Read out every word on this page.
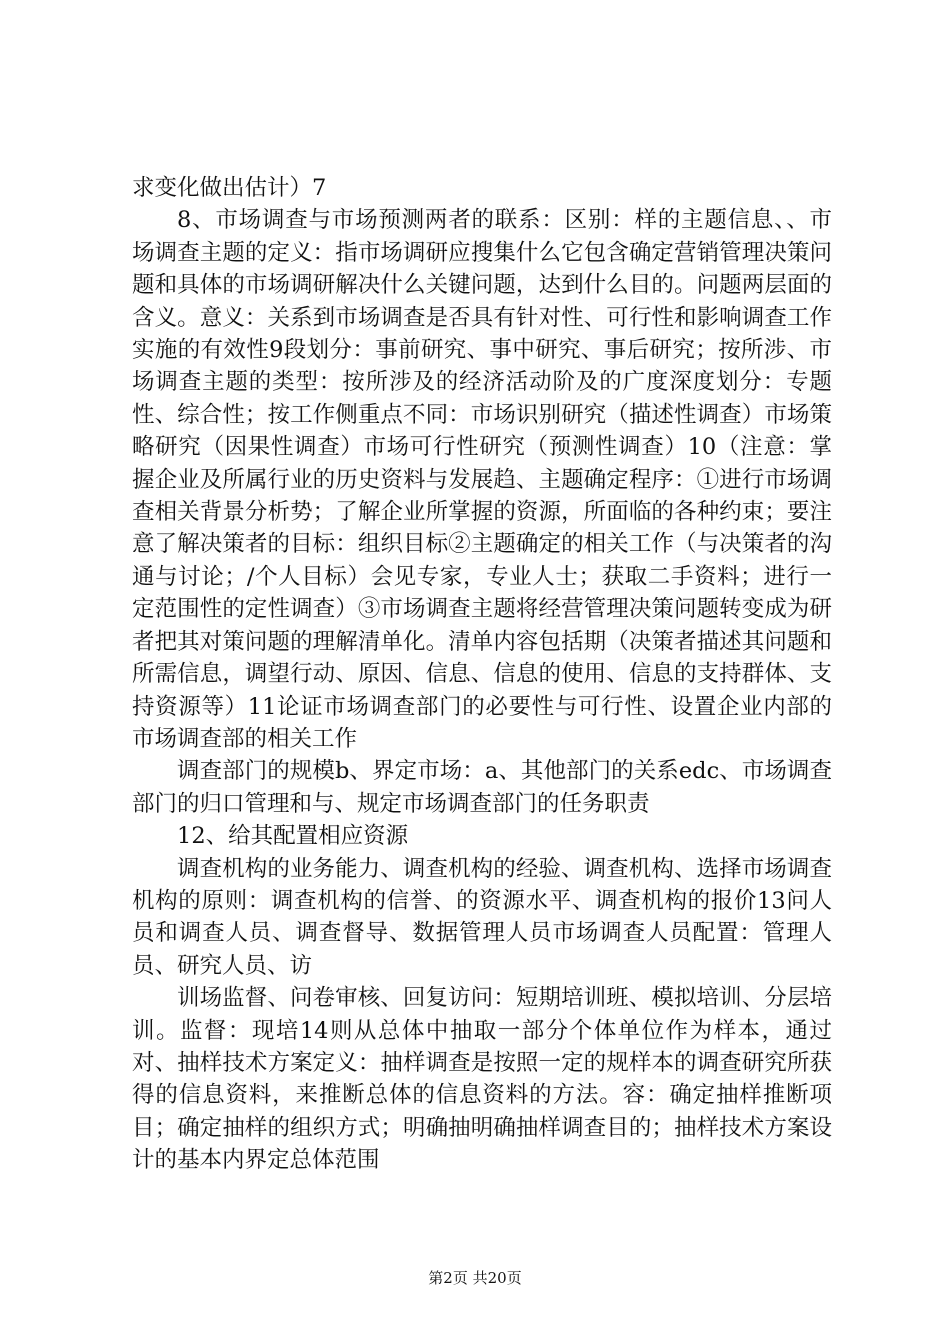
求变化做出估计）7

8、市场调查与市场预测两者的联系：区别：样的主题信息、、市场调查主题的定义：指市场调研应搜集什么它包含确定营销管理决策问题和具体的市场调研解决什么关键问题，达到什么目的。问题两层面的含义。意义：关系到市场调查是否具有针对性、可行性和影响调查工作实施的有效性9段划分：事前研究、事中研究、事后研究；按所涉、市场调查主题的类型：按所涉及的经济活动阶及的广度深度划分：专题性、综合性；按工作侧重点不同：市场识别研究（描述性调查）市场策略研究（因果性调查）市场可行性研究（预测性调查）10（注意：掌握企业及所属行业的历史资料与发展趋、主题确定程序：①进行市场调查相关背景分析势；了解企业所掌握的资源，所面临的各种约束；要注意了解决策者的目标：组织目标②主题确定的相关工作（与决策者的沟通与讨论；/个人目标）会见专家，专业人士；获取二手资料；进行一定范围性的定性调查）③市场调查主题将经营管理决策问题转变成为研者把其对策问题的理解清单化。清单内容包括期（决策者描述其问题和所需信息，调望行动、原因、信息、信息的使用、信息的支持群体、支持资源等）11论证市场调查部门的必要性与可行性、设置企业内部的市场调查部的相关工作

调查部门的规模b、界定市场：a、其他部门的关系edc、市场调查部门的归口管理和与、规定市场调查部门的任务职责

12、给其配置相应资源

调查机构的业务能力、调查机构的经验、调查机构、选择市场调查机构的原则：调查机构的信誉、的资源水平、调查机构的报价13问人员和调查人员、调查督导、数据管理人员市场调查人员配置：管理人员、研究人员、访

训场监督、问卷审核、回复访问：短期培训班、模拟培训、分层培训。监督：现培14则从总体中抽取一部分个体单位作为样本，通过对、抽样技术方案定义：抽样调查是按照一定的规样本的调查研究所获得的信息资料，来推断总体的信息资料的方法。容：确定抽样推断项目；确定抽样的组织方式；明确抽明确抽样调查目的；抽样技术方案设计的基本内界定总体范围

第2页 共20页
